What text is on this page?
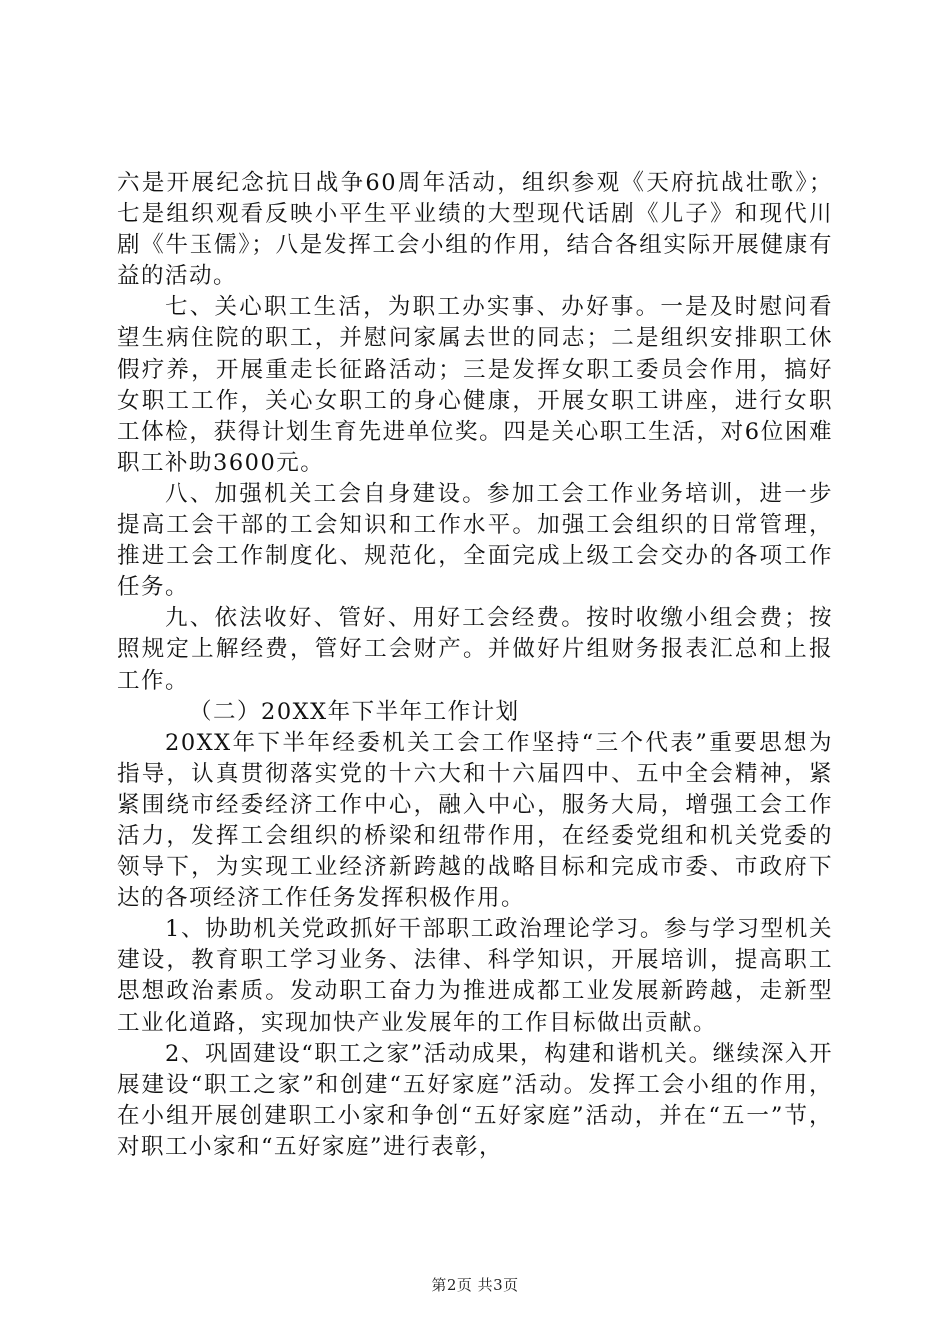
六是开展纪念抗日战争60周年活动，组织参观《天府抗战壮歌》；七是组织观看反映小平生平业绩的大型现代话剧《儿子》和现代川剧《牛玉儒》；八是发挥工会小组的作用，结合各组实际开展健康有益的活动。

七、关心职工生活，为职工办实事、办好事。一是及时慰问看望生病住院的职工，并慰问家属去世的同志；二是组织安排职工休假疗养，开展重走长征路活动；三是发挥女职工委员会作用，搞好女职工工作，关心女职工的身心健康，开展女职工讲座，进行女职工体检，获得计划生育先进单位奖。四是关心职工生活，对6位困难职工补助3600元。

八、加强机关工会自身建设。参加工会工作业务培训，进一步提高工会干部的工会知识和工作水平。加强工会组织的日常管理，推进工会工作制度化、规范化，全面完成上级工会交办的各项工作任务。

九、依法收好、管好、用好工会经费。按时收缴小组会费；按照规定上解经费，管好工会财产。并做好片组财务报表汇总和上报工作。

（二）20XX年下半年工作计划

20XX年下半年经委机关工会工作坚持“三个代表”重要思想为指导，认真贯彻落实党的十六大和十六届四中、五中全会精神，紧紧围绕市经委经济工作中心，融入中心，服务大局，增强工会工作活力，发挥工会组织的桥梁和纽带作用，在经委党组和机关党委的领导下，为实现工业经济新跨越的战略目标和完成市委、市政府下达的各项经济工作任务发挥积极作用。

1、协助机关党政抓好干部职工政治理论学习。参与学习型机关建设，教育职工学习业务、法律、科学知识，开展培训，提高职工思想政治素质。发动职工奋力为推进成都工业发展新跨越，走新型工业化道路，实现加快产业发展年的工作目标做出贡献。

2、巩固建设“职工之家”活动成果，构建和谐机关。继续深入开展建设“职工之家”和创建“五好家庭”活动。发挥工会小组的作用，在小组开展创建职工小家和争创“五好家庭”活动，并在“五一”节，对职工小家和“五好家庭”进行表彰，

第2页 共3页
